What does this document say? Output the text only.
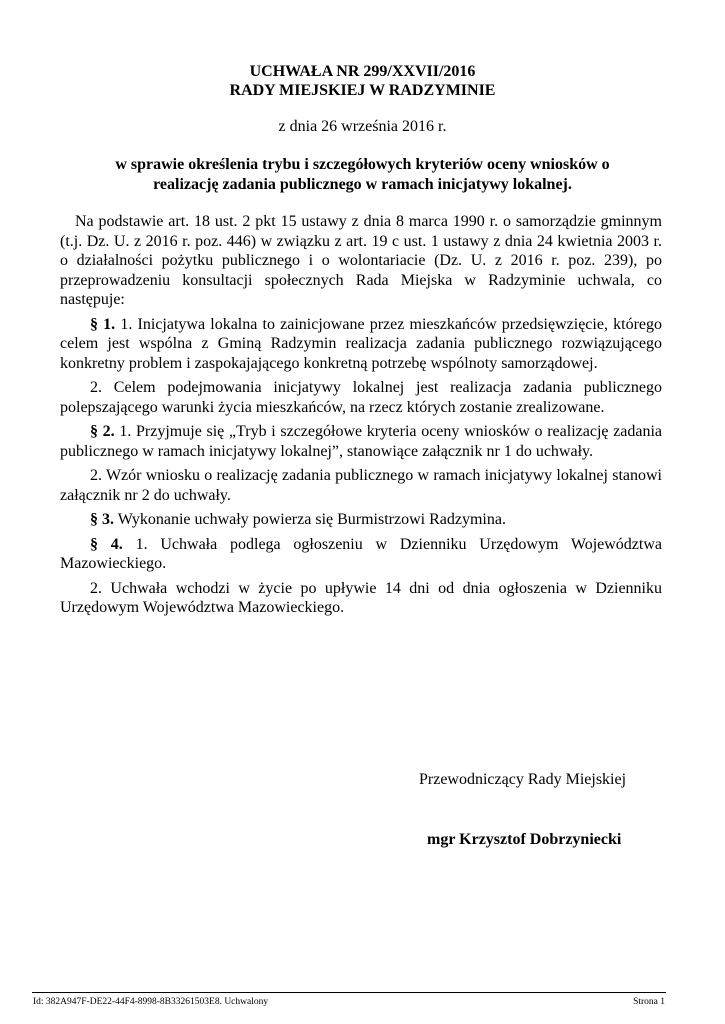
UCHWAŁA NR 299/XXVII/2016
RADY MIEJSKIEJ W RADZYMINIE
z dnia 26 września 2016 r.
w sprawie określenia trybu i szczegółowych kryteriów oceny wniosków o
realizację zadania publicznego w ramach inicjatywy lokalnej.

Na podstawie art. 18 ust. 2 pkt 15 ustawy z dnia 8 marca 1990 r. o samorządzie gminnym (t.j. Dz. U. z 2016 r. poz. 446) w związku z art. 19 c ust. 1 ustawy z dnia 24 kwietnia 2003 r. o działalności pożytku publicznego i o wolontariacie (Dz. U. z 2016 r. poz. 239), po przeprowadzeniu konsultacji społecznych Rada Miejska w Radzyminie uchwala, co następuje:

§ 1. 1. Inicjatywa lokalna to zainicjowane przez mieszkańców przedsięwzięcie, którego celem jest wspólna z Gminą Radzymin realizacja zadania publicznego rozwiązującego konkretny problem i zaspokajającego konkretną potrzebę wspólnoty samorządowej.

2. Celem podejmowania inicjatywy lokalnej jest realizacja zadania publicznego polepszającego warunki życia mieszkańców, na rzecz których zostanie zrealizowane.

§ 2. 1. Przyjmuje się „Tryb i szczegółowe kryteria oceny wniosków o realizację zadania publicznego w ramach inicjatywy lokalnej”, stanowiące załącznik nr 1 do uchwały.

2. Wzór wniosku o realizację zadania publicznego w ramach inicjatywy lokalnej stanowi załącznik nr 2 do uchwały.

§ 3. Wykonanie uchwały powierza się Burmistrzowi Radzymina.

§ 4. 1. Uchwała podlega ogłoszeniu w Dzienniku Urzędowym Województwa Mazowieckiego.

2. Uchwała wchodzi w życie po upływie 14 dni od dnia ogłoszenia w Dzienniku Urzędowym Województwa Mazowieckiego.

Przewodniczący Rady Miejskiej
mgr Krzysztof Dobrzyniecki
Id: 382A947F-DE22-44F4-8998-8B33261503E8. Uchwalony	Strona 1
